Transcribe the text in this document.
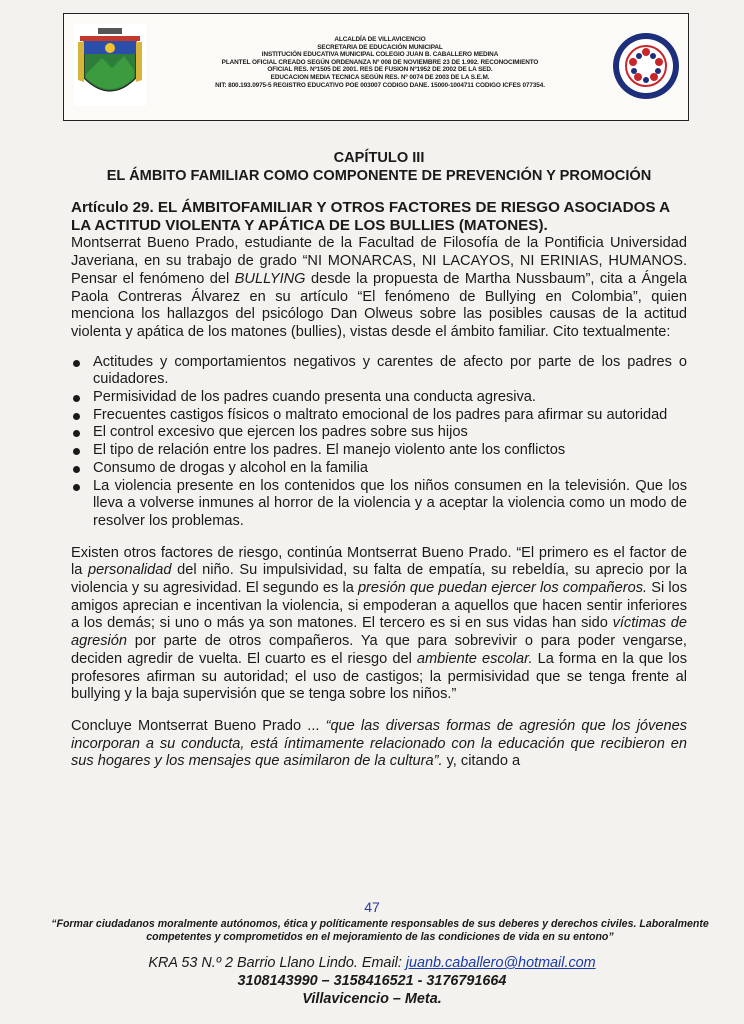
ALCALDÍA DE VILLAVICENCIO
SECRETARIA DE EDUCACIÓN MUNICIPAL
INSTITUCIÓN EDUCATIVA MUNICIPAL COLEGIO JUAN B. CABALLERO MEDINA
PLANTEL OFICIAL CREADO SEGÚN ORDENANZA Nº 008 DE NOVIEMBRE 23 DE 1.992. RECONOCIMIENTO
OFICIAL RES. Nº1505 DE 2001. RES DE FUSION Nº1952 DE 2002 DE LA SED.
EDUCACION MEDIA TECNICA SEGÚN RES. Nº 0074 DE 2003 DE LA S.E.M.
NIT: 800.193.0975-5 REGISTRO EDUCATIVO POE 003007 CODIGO DANE. 15000-1004711 CODIGO ICFES 077354.
CAPÍTULO III
EL ÁMBITO FAMILIAR COMO COMPONENTE DE PREVENCIÓN Y PROMOCIÓN
Artículo 29. EL ÁMBITOFAMILIAR Y OTROS FACTORES DE RIESGO ASOCIADOS A LA ACTITUD VIOLENTA Y APÁTICA DE LOS BULLIES (MATONES).
Montserrat Bueno Prado, estudiante de la Facultad de Filosofía de la Pontificia Universidad Javeriana, en su trabajo de grado “NI MONARCAS, NI LACAYOS, NI ERINIAS, HUMANOS. Pensar el fenómeno del BULLYING desde la propuesta de Martha Nussbaum”, cita a Ángela Paola Contreras Álvarez en su artículo “El fenómeno de Bullying en Colombia”, quien menciona los hallazgos del psicólogo Dan Olweus sobre las posibles causas de la actitud violenta y apática de los matones (bullies), vistas desde el ámbito familiar. Cito textualmente:
Actitudes y comportamientos negativos y carentes de afecto por parte de los padres o cuidadores.
Permisividad de los padres cuando presenta una conducta agresiva.
Frecuentes castigos físicos o maltrato emocional de los padres para afirmar su autoridad
El control excesivo que ejercen los padres sobre sus hijos
El tipo de relación entre los padres. El manejo violento ante los conflictos
Consumo de drogas y alcohol en la familia
La violencia presente en los contenidos que los niños consumen en la televisión. Que los lleva a volverse inmunes al horror de la violencia y a aceptar la violencia como un modo de resolver los problemas.
Existen otros factores de riesgo, continúa Montserrat Bueno Prado. “El primero es el factor de la personalidad del niño. Su impulsividad, su falta de empatía, su rebeldía, su aprecio por la violencia y su agresividad. El segundo es la presión que puedan ejercer los compañeros. Si los amigos aprecian e incentivan la violencia, si empoderan a aquellos que hacen sentir inferiores a los demás; si uno o más ya son matones. El tercero es si en sus vidas han sido víctimas de agresión por parte de otros compañeros. Ya que para sobrevivir o para poder vengarse, deciden agredir de vuelta. El cuarto es el riesgo del ambiente escolar. La forma en la que los profesores afirman su autoridad; el uso de castigos; la permisividad que se tenga frente al bullying y la baja supervisión que se tenga sobre los niños.”
Concluye Montserrat Bueno Prado ... “que las diversas formas de agresión que los jóvenes incorporan a su conducta, está íntimamente relacionado con la educación que recibieron en sus hogares y los mensajes que asimilaron de la cultura”. y, citando a
47
“Formar ciudadanos moralmente autónomos, ética y políticamente responsables de sus deberes y derechos civiles. Laboralmente competentes y comprometidos en el mejoramiento de las condiciones de vida en su entono”
KRA 53 N.º 2 Barrio Llano Lindo. Email: juanb.caballero@hotmail.com
3108143990 – 3158416521 - 3176791664
Villavicencio – Meta.
